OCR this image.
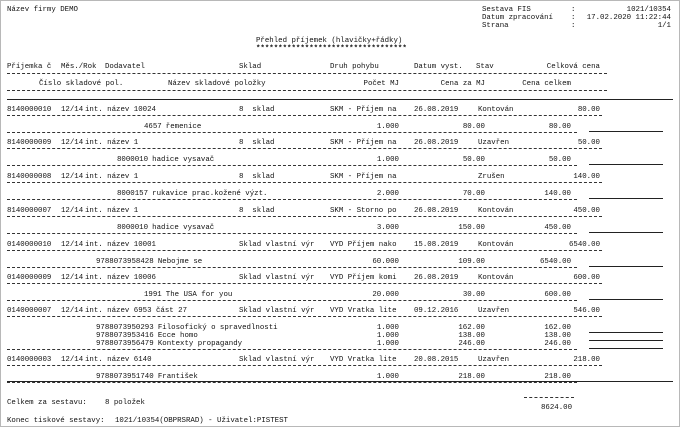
Název firmy DEMO	Sestava FIS	:	1021/10354
Datum zpracování : 17.02.2020 11:22:44
Strana	:	1/1
Přehled příjemek (hlavičky+řádky)
**********************************
Příjemka č Měs./Rok Dodavatel	Sklad	Druh pohybu	Datum vyst. Stav	Celková cena
Číslo skladové pol.	Název skladové položky	Počet MJ	Cena za MJ	Cena celkem
8140000010 12/14 int. název 10024	8  sklad	SKM - Příjem na 26.08.2019	Kontován	80.00
4657 řemenice	1.000	80.00	80.00
8140000009 12/14 int. název 1	8  sklad	SKM - Příjem na 26.08.2019	Uzavřen	50.00
8000010 hadice vysavač	1.000	50.00	50.00
8140000008 12/14 int. název 1	8  sklad	SKM - Příjem na	Zrušen	140.00
8000157 rukavice prac.kožené výzt.	2.000	70.00	140.00
8140000007 12/14 int. název 1	8  sklad	SKM - Storno po 26.08.2019	Kontován	450.00
8000010 hadice vysavač	3.000	150.00	450.00
0140000010 12/14 int. název 10001	Sklad vlastní výr VYD Příjem nako 15.08.2019	Kontován	6540.00
9788073958428 Nebojme se	60.000	109.00	6540.00
0140000009 12/14 int. název 10006	Sklad vlastní výr VYD Příjem komi 26.08.2019	Kontován	600.00
1991 The USA for you	20.000	30.00	600.00
0140000007 12/14 int. název 6953 část 27	Sklad vlastní výr VYD Vratka lite 09.12.2016	Uzavřen	546.00
9788073950293 Filosofický o spravedlnosti	1.000	162.00	162.00
9788073953416 Ecce homo	1.000	138.00	138.00
9788073956479 Kontexty propagandy	1.000	246.00	246.00
0140000003 12/14 int. název 6140	Sklad vlastní výr VYD Vratka lite 20.08.2015	Uzavřen	218.00
9788073951740 František	1.000	218.00	218.00
Celkem za sestavu: 8 položek
8624.00
Konec tiskové sestavy: 1021/10354(OBPRSRAD) - Uživatel:PISTEST
